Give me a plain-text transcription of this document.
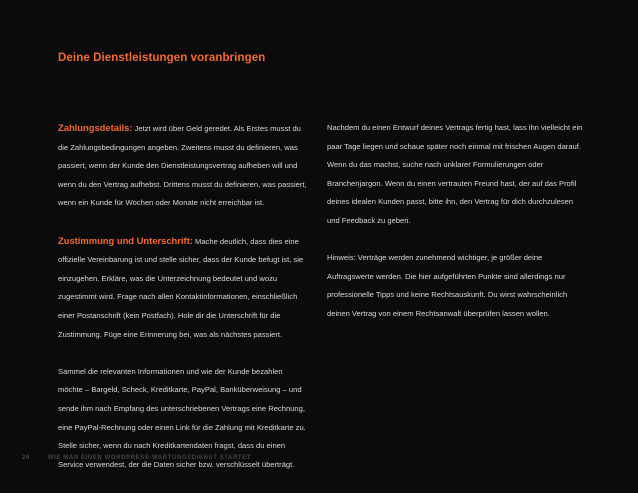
Deine Dienstleistungen voranbringen

Zahlungsdetails: Jetzt wird über Geld geredet. Als Erstes musst du die Zahlungsbedingungen angeben. Zweitens musst du definieren, was passiert, wenn der Kunde den Dienstleistungsvertrag aufheben will und wenn du den Vertrag aufhebst. Drittens musst du definieren, was passiert, wenn ein Kunde für Wochen oder Monate nicht erreichbar ist.

Zustimmung und Unterschrift: Mache deutlich, dass dies eine offizielle Vereinbarung ist und stelle sicher, dass der Kunde befugt ist, sie einzugehen. Erkläre, was die Unterzeichnung bedeutet und wozu zugestimmt wird. Frage nach allen Kontaktinformationen, einschließlich einer Postanschrift (kein Postfach). Hole dir die Unterschrift für die Zustimmung. Füge eine Erinnerung bei, was als nächstes passiert.

Sammel die relevanten Informationen und wie der Kunde bezahlen möchte – Bargeld, Scheck, Kreditkarte, PayPal, Banküberweisung – und sende ihm nach Empfang des unterschriebenen Vertrags eine Rechnung, eine PayPal-Rechnung oder einen Link für die Zahlung mit Kreditkarte zu. Stelle sicher, wenn du nach Kreditkartendaten fragst, dass du einen Service verwendest, der die Daten sicher bzw. verschlüsselt überträgt.

Nachdem du einen Entwurf deines Vertrags fertig hast, lass ihn vielleicht ein paar Tage liegen und schaue später noch einmal mit frischen Augen darauf. Wenn du das machst, suche nach unklarer Formulierungen oder Branchenjargon. Wenn du einen vertrauten Freund hast, der auf das Profil deines idealen Kunden passt, bitte ihn, den Vertrag für dich durchzulesen und Feedback zu geben.

Hinweis: Verträge werden zunehmend wichtiger, je größer deine Auftragswerte werden. Die hier aufgeführten Punkte sind allerdings nur professionelle Tipps und keine Rechtsauskunft. Du wirst wahrscheinlich deinen Vertrag von einem Rechtsanwalt überprüfen lassen wollen.

26	WIE MAN EINEN WORDPRESS-WARTUNGSDIENST STARTET
